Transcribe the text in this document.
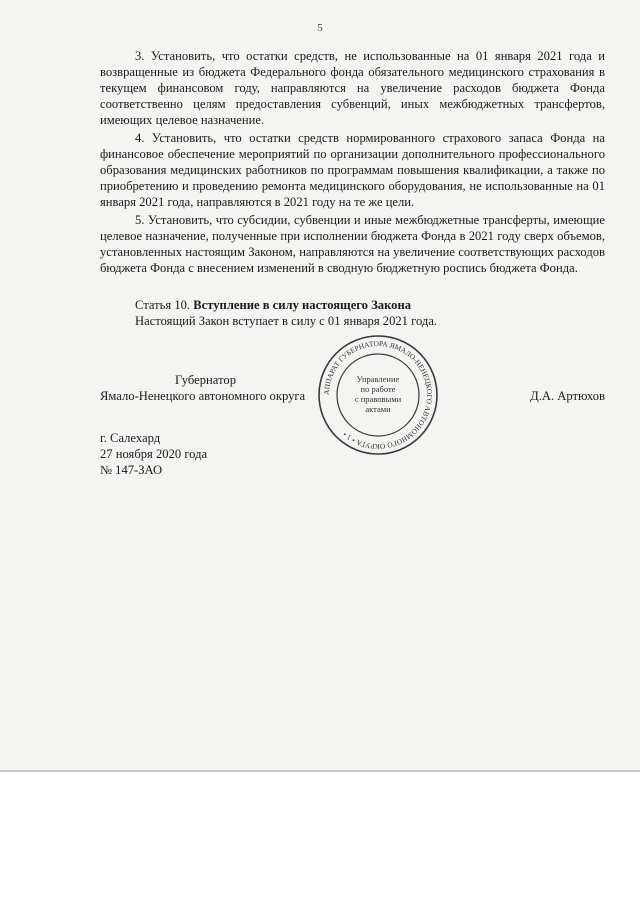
5

3. Установить, что остатки средств, не использованные на 01 января 2021 года и возвращенные из бюджета Федерального фонда обязательного медицинского страхования в текущем финансовом году, направляются на увеличение расходов бюджета Фонда соответственно целям предоставления субвенций, иных межбюджетных трансфертов, имеющих целевое назначение.

4. Установить, что остатки средств нормированного страхового запаса Фонда на финансовое обеспечение мероприятий по организации дополнительного профессионального образования медицинских работников по программам повышения квалификации, а также по приобретению и проведению ремонта медицинского оборудования, не использованные на 01 января 2021 года, направляются в 2021 году на те же цели.

5. Установить, что субсидии, субвенции и иные межбюджетные трансферты, имеющие целевое назначение, полученные при исполнении бюджета Фонда в 2021 году сверх объемов, установленных настоящим Законом, направляются на увеличение соответствующих расходов бюджета Фонда с внесением изменений в сводную бюджетную роспись бюджета Фонда.

Статья 10. Вступление в силу настоящего Закона
Настоящий Закон вступает в силу с 01 января 2021 года.
Губернатор
Ямало-Ненецкого автономного округа	Д.А. Артюхов
АППАРАТ ГУБЕРНАТОРА ЯМАЛО-НЕНЕЦКОГО АВТОНОМНОГО ОКРУГА • 1 •
Управление
по работе
с правовыми
актами
г. Салехард
27 ноября 2020 года
№ 147-ЗАО
